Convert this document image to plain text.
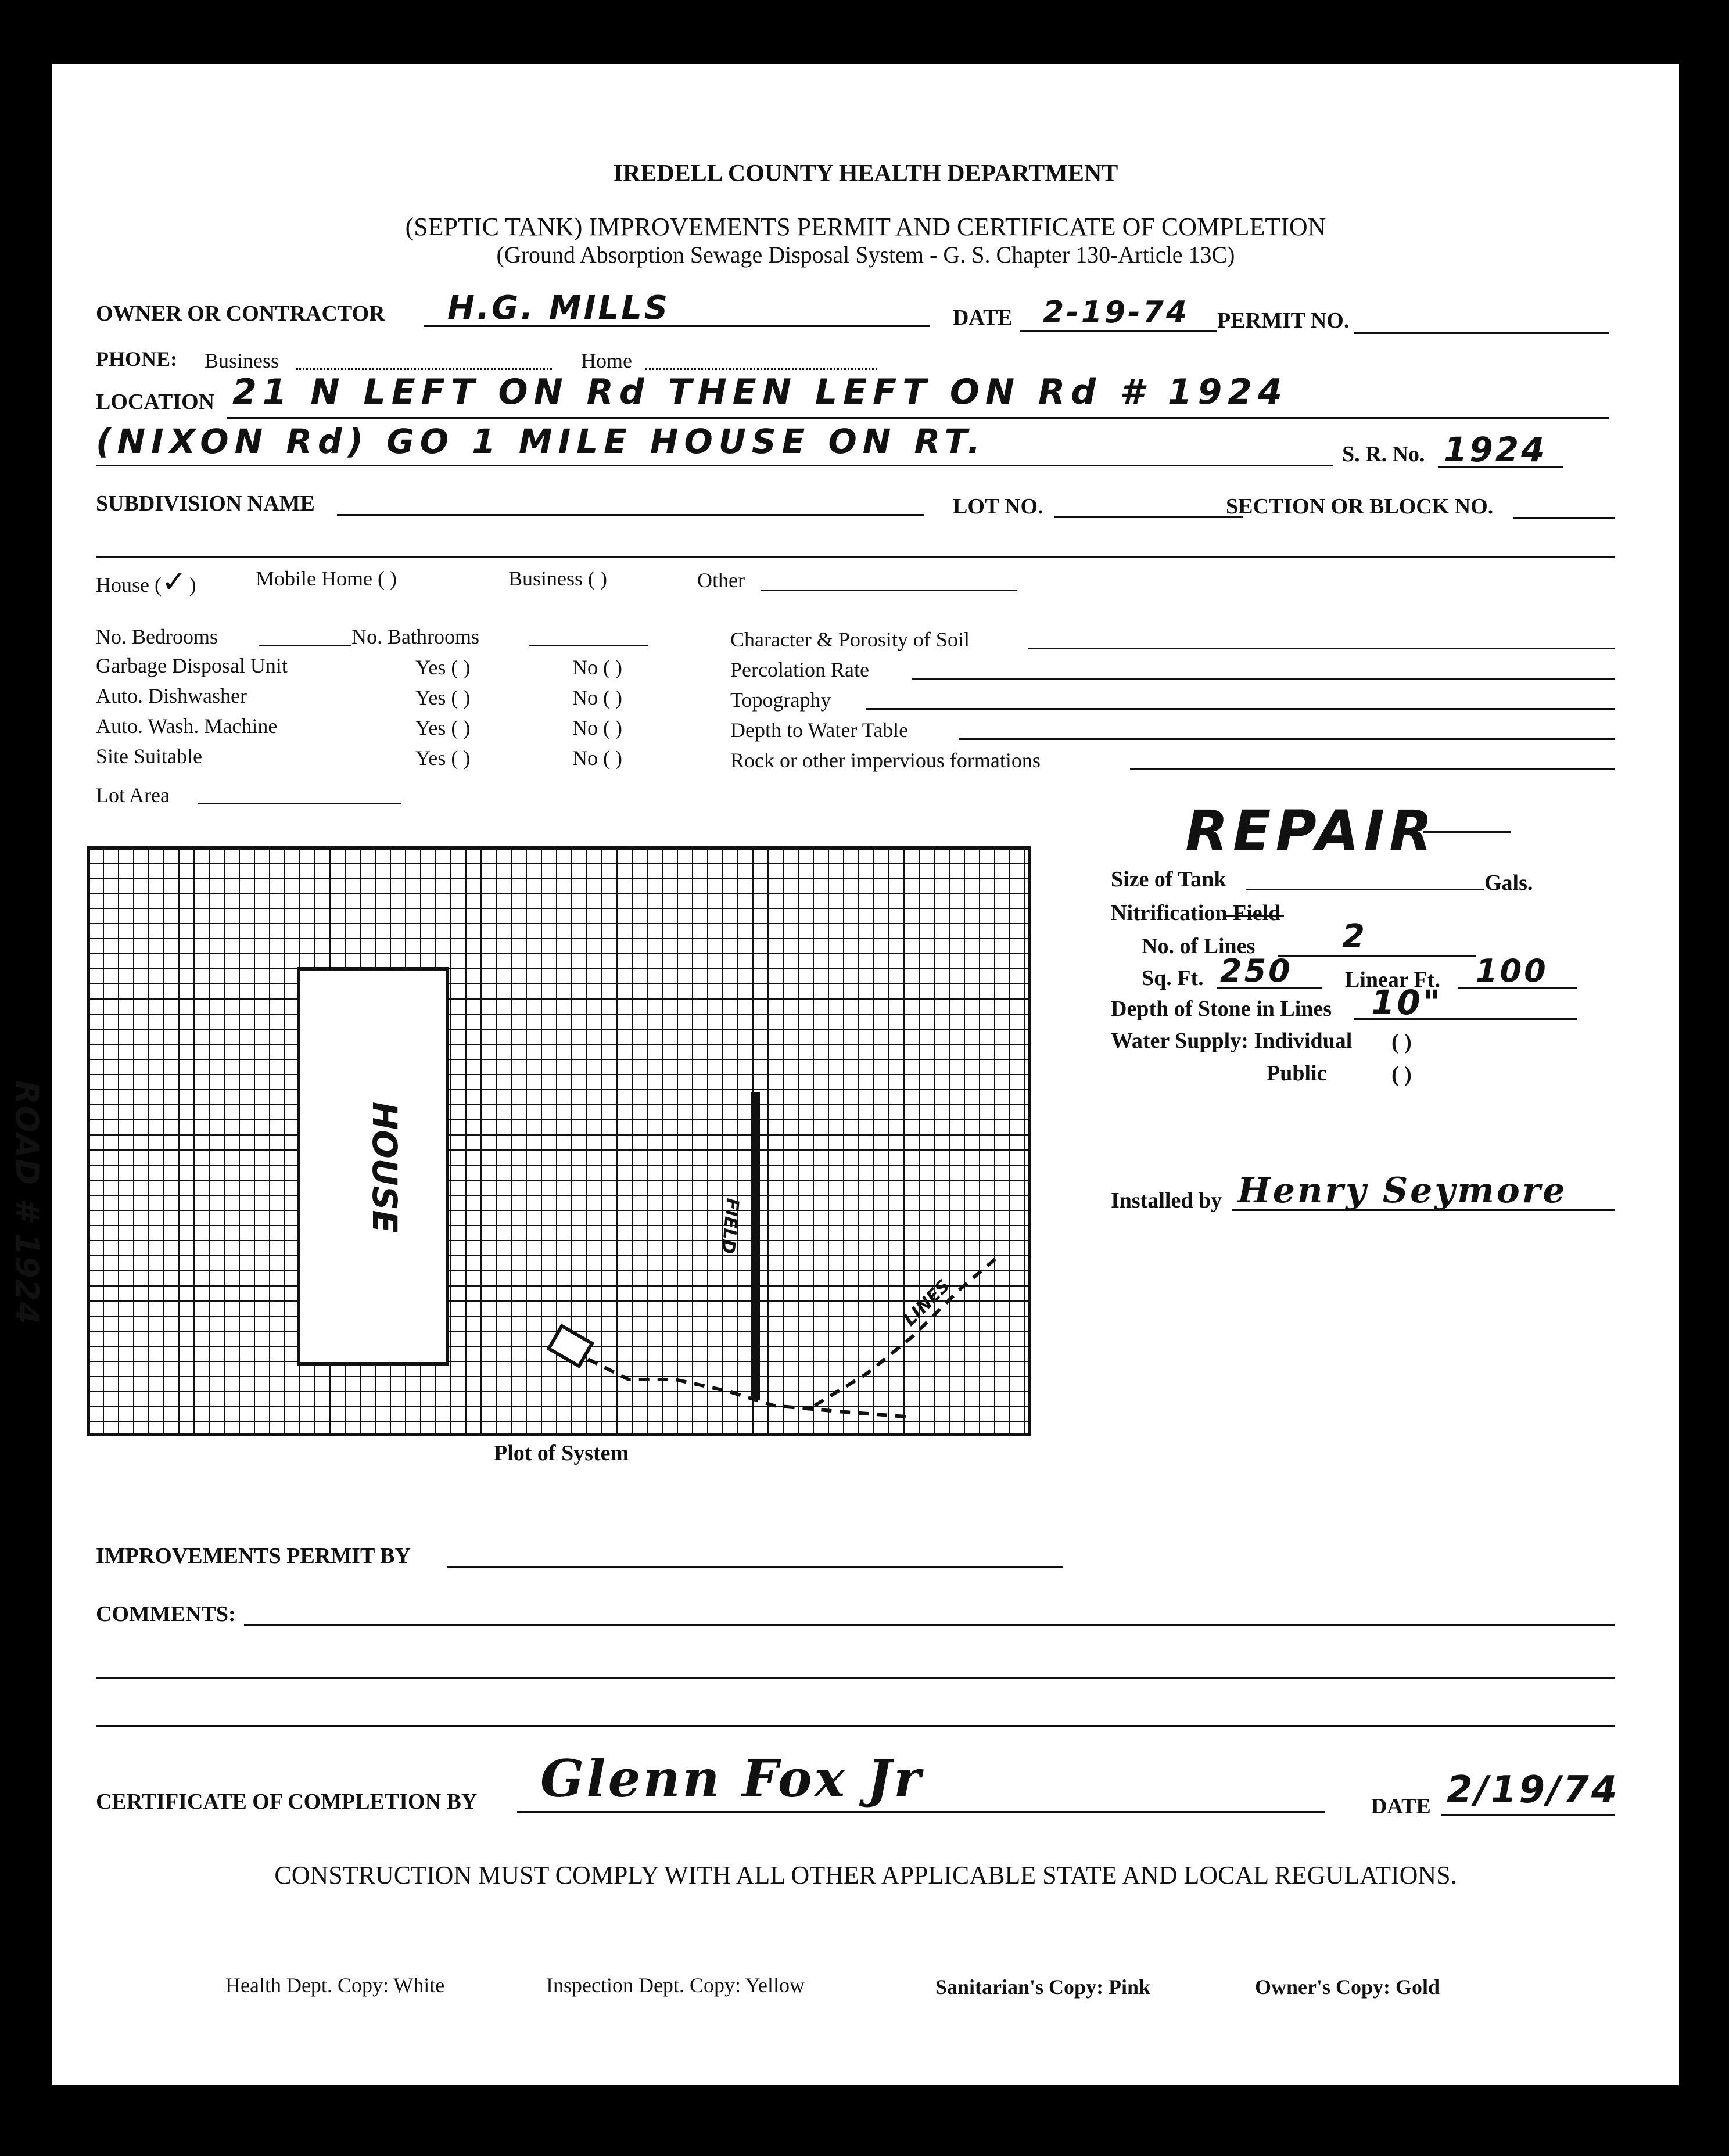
IREDELL COUNTY HEALTH DEPARTMENT
(SEPTIC TANK) IMPROVEMENTS PERMIT AND CERTIFICATE OF COMPLETION
(Ground Absorption Sewage Disposal System - G. S. Chapter 130-Article 13C)
OWNER OR CONTRACTOR H.G. MILLS	DATE 2-19-74 PERMIT NO.
PHONE: Business	Home
LOCATION 21 N LEFT ON Rd THEN LEFT ON Rd # 1924
(NIXON Rd) GO 1 MILE HOUSE ON RT.	S. R. No. 1924
SUBDIVISION NAME	LOT NO.	SECTION OR BLOCK NO.
House (✓)	Mobile Home ( )	Business ( )	Other
No. Bedrooms	No. Bathrooms
Garbage Disposal Unit	Yes ( )	No ( )
Auto. Dishwasher	Yes ( )	No ( )
Auto. Wash. Machine	Yes ( )	No ( )
Site Suitable	Yes ( )	No ( )
Lot Area
Character & Porosity of Soil
Percolation Rate
Topography
Depth to Water Table
Rock or other impervious formations
HOUSE	FIELD
LINES
Plot of System
ROAD # 1924
REPAIR
Size of Tank	Gals.
Nitrification Field
No. of Lines	2
Sq. Ft. 250 Linear Ft. 100
Depth of Stone in Lines 10"
Water Supply: Individual ( )
Public	( )
Installed by Henry Seymore
IMPROVEMENTS PERMIT BY
COMMENTS:
CERTIFICATE OF COMPLETION BY Glenn Fox Jr	DATE 2/19/74
CONSTRUCTION MUST COMPLY WITH ALL OTHER APPLICABLE STATE AND LOCAL REGULATIONS.
Health Dept. Copy: White	Inspection Dept. Copy: Yellow	Sanitarian's Copy: Pink	Owner's Copy: Gold
